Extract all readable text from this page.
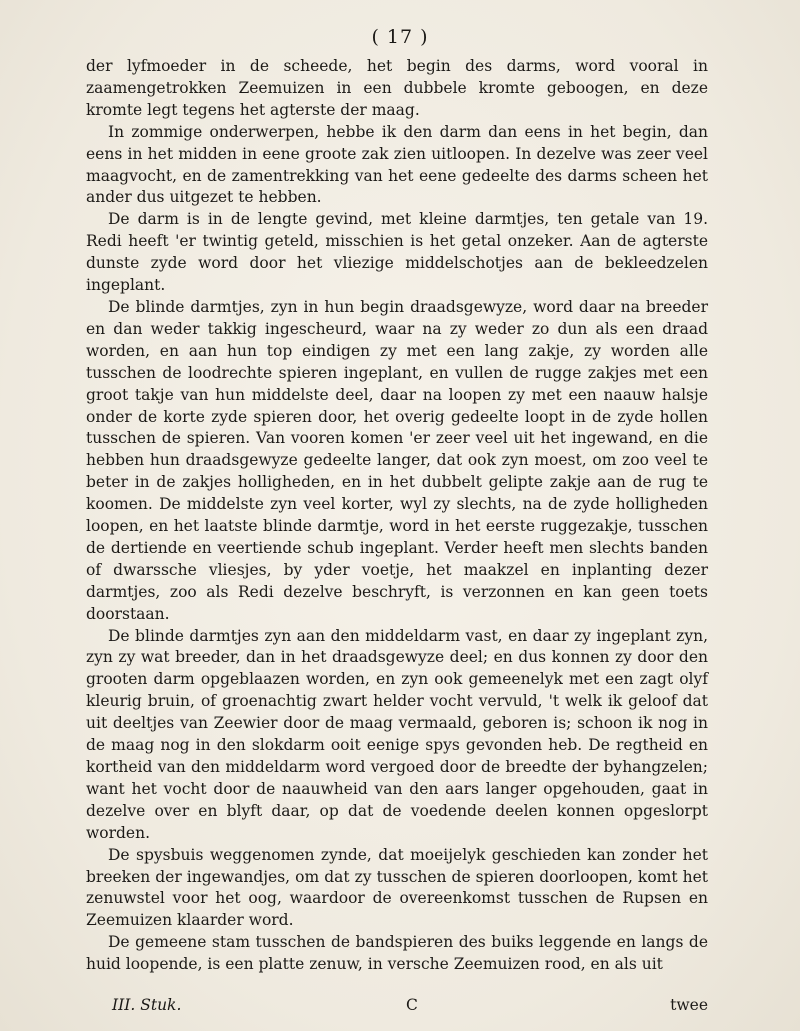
( 17 )

der lyfmoeder in de scheede, het begin des darms, word vooral in zaamengetrokken Zeemuizen in een dubbele kromte geboogen, en deze kromte legt tegens het agterste der maag.

In zommige onderwerpen, hebbe ik den darm dan eens in het begin, dan eens in het midden in eene groote zak zien uitloopen. In dezelve was zeer veel maagvocht, en de zamentrekking van het eene gedeelte des darms scheen het ander dus uitgezet te hebben.

De darm is in de lengte gevind, met kleine darmtjes, ten getale van 19. Redi heeft 'er twintig geteld, misschien is het getal onzeker. Aan de agterste dunste zyde word door het vliezige middelschotjes aan de bekleedzelen ingeplant.

De blinde darmtjes, zyn in hun begin draadsgewyze, word daar na breeder en dan weder takkig ingescheurd, waar na zy weder zo dun als een draad worden, en aan hun top eindigen zy met een lang zakje, zy worden alle tusschen de loodrechte spieren ingeplant, en vullen de rugge zakjes met een groot takje van hun middelste deel, daar na loopen zy met een naauw halsje onder de korte zyde spieren door, het overig gedeelte loopt in de zyde hollen tusschen de spieren. Van vooren komen 'er zeer veel uit het ingewand, en die hebben hun draadsgewyze gedeelte langer, dat ook zyn moest, om zoo veel te beter in de zakjes holligheden, en in het dubbelt gelipte zakje aan de rug te koomen. De middelste zyn veel korter, wyl zy slechts, na de zyde holligheden loopen, en het laatste blinde darmtje, word in het eerste ruggezakje, tusschen de dertiende en veertiende schub ingeplant. Verder heeft men slechts banden of dwarssche vliesjes, by yder voetje, het maakzel en inplanting dezer darmtjes, zoo als Redi dezelve beschryft, is verzonnen en kan geen toets doorstaan.

De blinde darmtjes zyn aan den middeldarm vast, en daar zy ingeplant zyn, zyn zy wat breeder, dan in het draadsgewyze deel; en dus konnen zy door den grooten darm opgeblaazen worden, en zyn ook gemeenelyk met een zagt olyf kleurig bruin, of groenachtig zwart helder vocht vervuld, 't welk ik geloof dat uit deeltjes van Zeewier door de maag vermaald, geboren is; schoon ik nog in de maag nog in den slokdarm ooit eenige spys gevonden heb. De regtheid en kortheid van den middeldarm word vergoed door de breedte der byhangzelen; want het vocht door de naauwheid van den aars langer opgehouden, gaat in dezelve over en blyft daar, op dat de voedende deelen konnen opgeslorpt worden.

De spysbuis weggenomen zynde, dat moeijelyk geschieden kan zonder het breeken der ingewandjes, om dat zy tusschen de spieren doorloopen, komt het zenuwstel voor het oog, waardoor de overeenkomst tusschen de Rupsen en Zeemuizen klaarder word.

De gemeene stam tusschen de bandspieren des buiks leggende en langs de huid loopende, is een platte zenuw, in versche Zeemuizen rood, en als uit

III. Stuk.	C	twee
